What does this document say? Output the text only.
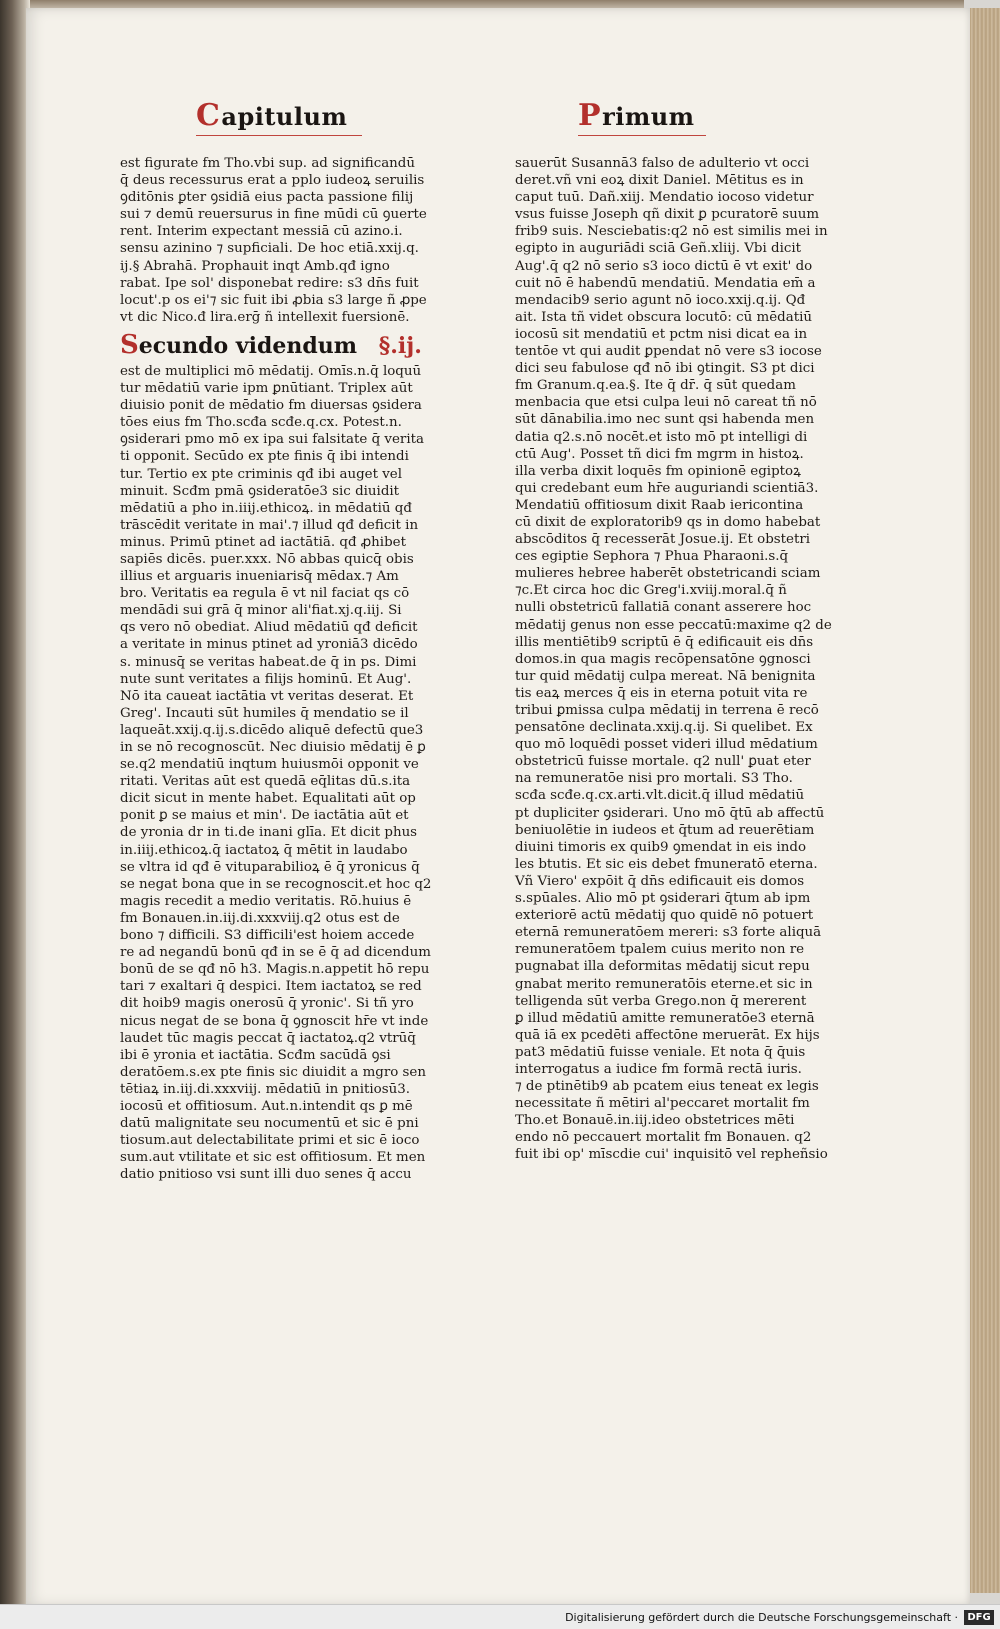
Capitulum	Primum
est figurate fm Tho.vbi sup. ad significandū
q̄ deus recessurus erat a pplo iudeoꝝ seruilis
ꝯditōnis ꝑter ꝯsidiā eius pacta passione filij
sui ⁊ demū reuersurus in fine mūdi cū ꝯuerte
rent. Interim expectant messiā cū azino.i.
sensu azinino ⁊ supficiali. De hoc etiā.xxij.q.
ij.§ Abrahā. Prophauit inqt Amb.qđ igno
rabat. Ipe sol' disponebat redire: s3 dn̄s fuit
locut'.p os ei'⁊ sic fuit ibi ꝓbia s3 large ñ ꝓpe
vt dic Nico.đ lira.erḡ ñ intellexit fuersionē.
Secundo videndum §.ij.
est de multiplici mō mēdatij. Omīs.n.q̄ loquū
tur mēdatiū varie ipm ꝑnūtiant. Triplex aūt
diuisio ponit de mēdatio fm diuersas ꝯsidera
tōes eius fm Tho.scđa scđe.q.cx. Potest.n.
ꝯsiderari pmo mō ex ipa sui falsitate q̄ verita
ti opponit. Secūdo ex pte finis q̄ ibi intendi
tur. Tertio ex pte criminis qđ ibi auget vel
minuit. Scđm pmā ꝯsideratōe3 sic diuidit
mēdatiū a pho in.iiij.ethicoꝝ. in mēdatiū qđ
trāscēdit veritate in mai'.⁊ illud qđ deficit in
minus. Primū ptinet ad iactātiā. qđ ꝓhibet
sapiēs dicēs. puer.xxx. Nō abbas quicq̄ obis
illius et arguaris inueniarisq̄ mēdax.⁊ Am
bro. Veritatis ea regula ē vt nil faciat qs cō
mendādi sui grā q̄ minor ali'fiat.xj.q.iij. Si
qs vero nō obediat. Aliud mēdatiū qđ deficit
a veritate in minus ptinet ad yroniā3 dicēdo
s. minusq̄ se veritas habeat.de q̄ in ps. Dimi
nute sunt veritates a filijs hominū. Et Aug'.
Nō ita caueat iactātia vt veritas deserat. Et
Greg'. Incauti sūt humiles q̄ mendatio se il
laqueāt.xxij.q.ij.s.dicēdo aliquē defectū que3
in se nō recognoscūt. Nec diuisio mēdatij ē ꝑ
se.q2 mendatiū inqtum huiusmōi opponit ve
ritati. Veritas aūt est quedā eq̄litas dū.s.ita
dicit sicut in mente habet. Equalitati aūt op
ponit ꝑ se maius et min'. De iactātia aūt et
de yronia dr in ti.de inani glīa. Et dicit phus
in.iiij.ethicoꝝ.q̄ iactatoꝝ q̄ mētit in laudabo
se vltra id qđ ē vituparabilioꝝ ē q̄ yronicus q̄
se negat bona que in se recognoscit.et hoc q2
magis recedit a medio veritatis. Rō.huius ē
fm Bonauen.in.iij.di.xxxviij.q2 otus est de
bono ⁊ difficili. S3 difficili'est hoiem accede
re ad negandū bonū qđ in se ē q̄ ad dicendum
bonū de se qđ nō h3. Magis.n.appetit hō repu
tari ⁊ exaltari q̄ despici. Item iactatoꝝ se red
dit hoib9 magis onerosū q̄ yronic'. Si tñ yro
nicus negat de se bona q̄ ꝯgnoscit hr̄e vt inde
laudet tūc magis peccat q̄ iactatoꝝ.q2 vtrūq̄
ibi ē yronia et iactātia. Scđm sacūdā ꝯsi
deratōem.s.ex pte finis sic diuidit a mgro sen
tētiaꝝ in.iij.di.xxxviij. mēdatiū in pnitiosū3.
iocosū et offitiosum. Aut.n.intendit qs ꝑ mē
datū malignitate seu nocumentū et sic ē pni
tiosum.aut delectabilitate primi et sic ē ioco
sum.aut vtilitate et sic est offitiosum. Et men
datio pnitioso vsi sunt illi duo senes q̄ accu
sauerūt Susannā3 falso de adulterio vt occi
deret.vñ vni eoꝝ dixit Daniel. Mētitus es in
caput tuū. Dañ.xiij. Mendatio iocoso videtur
vsus fuisse Joseph qñ dixit ꝑ pcuratorē suum
frib9 suis. Nesciebatis:q2 nō est similis mei in
egipto in auguriādi sciā Geñ.xliij. Vbi dicit
Aug'.q̄ q2 nō serio s3 ioco dictū ē vt exit' do
cuit nō ē habendū mendatiū. Mendatia em̄ a
mendacib9 serio agunt nō ioco.xxij.q.ij. Qđ
ait. Ista tñ videt obscura locutō: cū mēdatiū
iocosū sit mendatiū et pctm nisi dicat ea in
tentōe vt qui audit ꝑpendat nō vere s3 iocose
dici seu fabulose qđ nō ibi ꝯtingit. S3 pt dici
fm Granum.q.ea.§. Ite q̄ dr̄. q̄ sūt quedam
menbacia que etsi culpa leui nō careat tñ nō
sūt dānabilia.imo nec sunt qsi habenda men
datia q2.s.nō nocēt.et isto mō pt intelligi di
ctū Aug'. Posset tñ dici fm mgrm in histoꝝ.
illa verba dixit loquēs fm opinionē egiptoꝝ
qui credebant eum hr̄e auguriandi scientiā3.
Mendatiū offitiosum dixit Raab iericontina
cū dixit de exploratorib9 qs in domo habebat
abscōditos q̄ recesserāt Josue.ij. Et obstetri
ces egiptie Sephora ⁊ Phua Pharaoni.s.q̄
mulieres hebree haberēt obstetricandi sciam
⁊c.Et circa hoc dic Greg'i.xviij.moral.q̄ ñ
nulli obstetricū fallatiā conant asserere hoc
mēdatij genus non esse peccatū:maxime q2 de
illis mentiētib9 scriptū ē q̄ edificauit eis dn̄s
domos.in qua magis recōpensatōne ꝯgnosci
tur quid mēdatij culpa mereat. Nā benignita
tis eaꝝ merces q̄ eis in eterna potuit vita re
tribui ꝑmissa culpa mēdatij in terrena ē recō
pensatōne declinata.xxij.q.ij. Si quelibet. Ex
quo mō loquēdi posset videri illud mēdatium
obstetricū fuisse mortale. q2 null' ꝑuat eter
na remuneratōe nisi pro mortali. S3 Tho.
scđa scđe.q.cx.arti.vlt.dicit.q̄ illud mēdatiū
pt dupliciter ꝯsiderari. Uno mō q̄tū ab affectū
beniuolētie in iudeos et q̄tum ad reuerētiam
diuini timoris ex quib9 ꝯmendat in eis indo
les btutis. Et sic eis debet fmuneratō eterna.
Vñ Viero' expōit q̄ dn̄s edificauit eis domos
s.spūales. Alio mō pt ꝯsiderari q̄tum ab ipm
exteriorē actū mēdatij quo quidē nō potuert
eternā remuneratōem mereri: s3 forte aliquā
remuneratōem tpalem cuius merito non re
pugnabat illa deformitas mēdatij sicut repu
gnabat merito remuneratōis eterne.et sic in
telligenda sūt verba Grego.non q̄ mererent
ꝑ illud mēdatiū amitte remuneratōe3 eternā
quā iā ex pcedēti affectōne meruerāt. Ex hijs
pat3 mēdatiū fuisse veniale. Et nota q̄ q̄uis
interrogatus a iudice fm formā rectā iuris.
⁊ de ptinētib9 ab pcatem eius teneat ex legis
necessitate ñ mētiri al'peccaret mortalit fm
Tho.et Bonauē.in.iij.ideo obstetrices mēti
endo nō peccauert mortalit fm Bonauen. q2
fuit ibi op' mīscdie cui' inquisitō vel repheñsio
Digitalisierung gefördert durch die Deutsche Forschungsgemeinschaft · DFG
